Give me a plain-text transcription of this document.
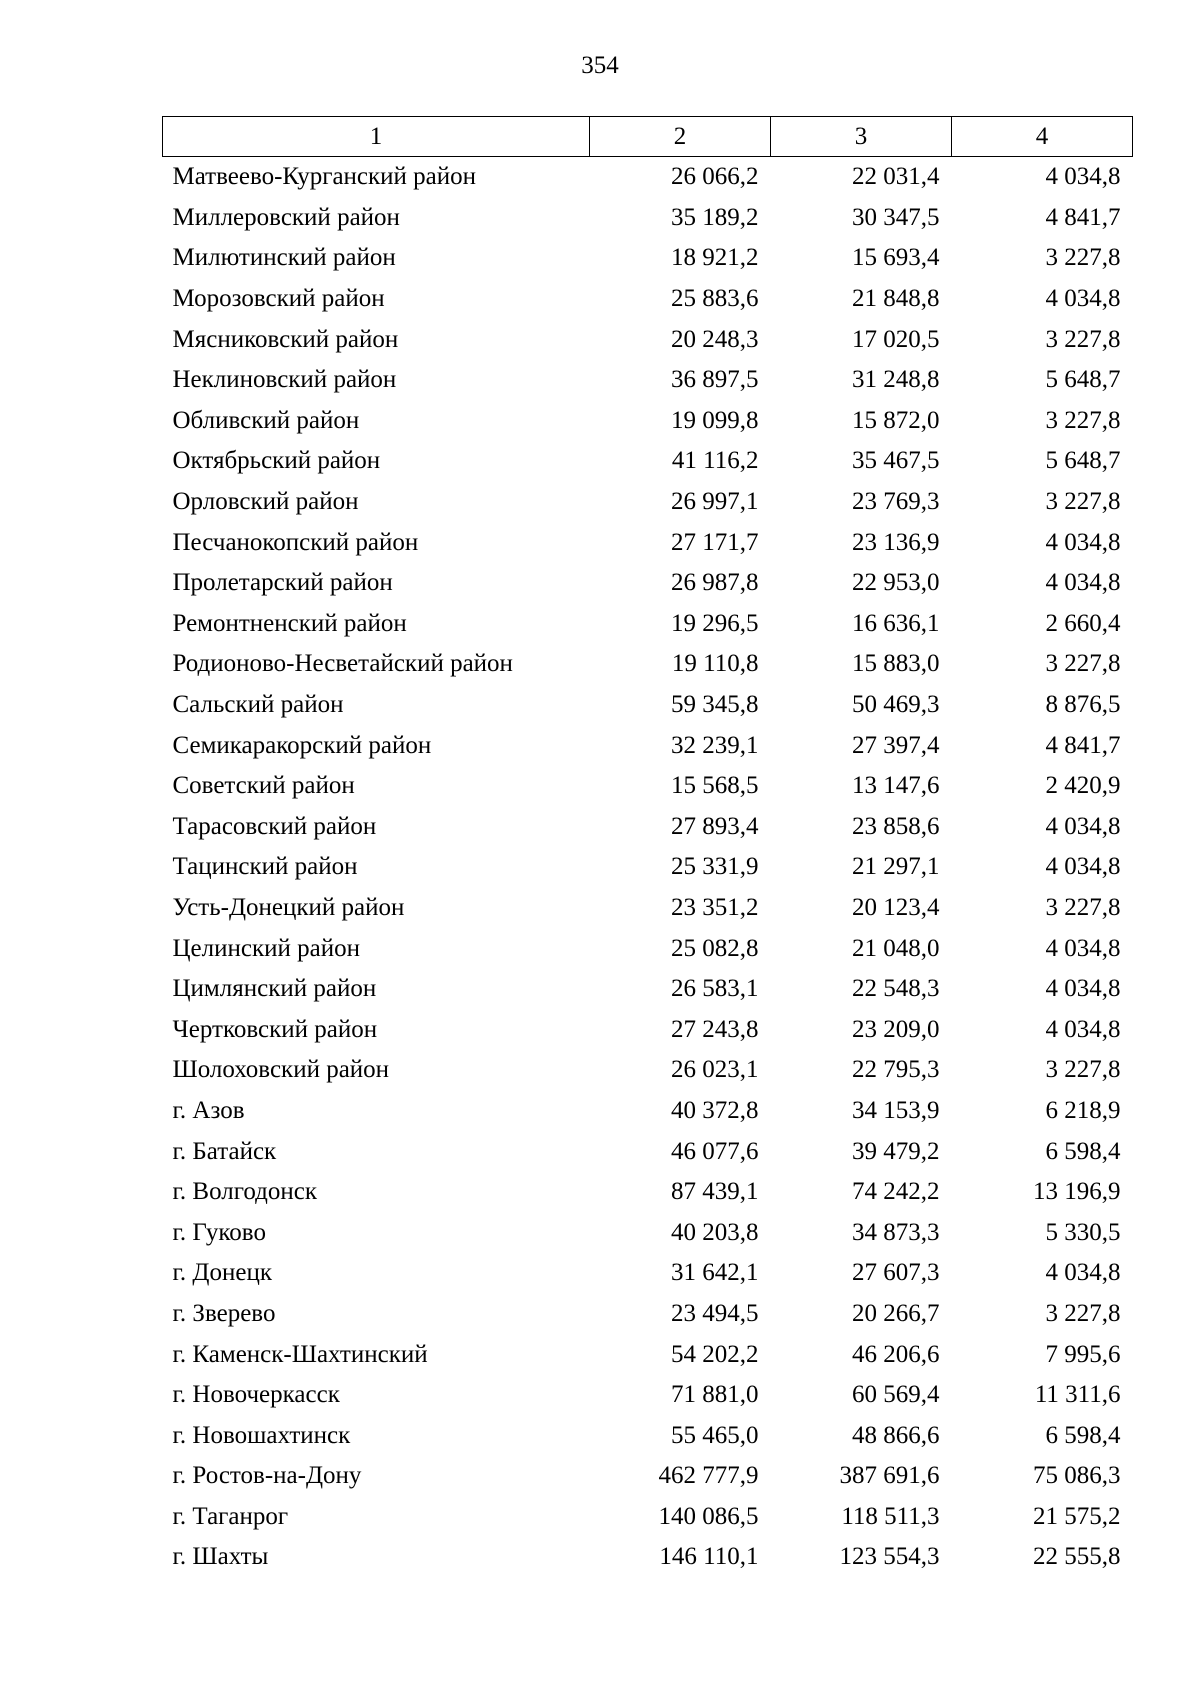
354
1	2	3	4
Матвеево-Курганский район	26 066,2	22 031,4	4 034,8
Миллеровский район	35 189,2	30 347,5	4 841,7
Милютинский район	18 921,2	15 693,4	3 227,8
Морозовский район	25 883,6	21 848,8	4 034,8
Мясниковский район	20 248,3	17 020,5	3 227,8
Неклиновский район	36 897,5	31 248,8	5 648,7
Обливский район	19 099,8	15 872,0	3 227,8
Октябрьский район	41 116,2	35 467,5	5 648,7
Орловский район	26 997,1	23 769,3	3 227,8
Песчанокопский район	27 171,7	23 136,9	4 034,8
Пролетарский район	26 987,8	22 953,0	4 034,8
Ремонтненский район	19 296,5	16 636,1	2 660,4
Родионово-Несветайский район	19 110,8	15 883,0	3 227,8
Сальский район	59 345,8	50 469,3	8 876,5
Семикаракорский район	32 239,1	27 397,4	4 841,7
Советский район	15 568,5	13 147,6	2 420,9
Тарасовский район	27 893,4	23 858,6	4 034,8
Тацинский район	25 331,9	21 297,1	4 034,8
Усть-Донецкий район	23 351,2	20 123,4	3 227,8
Целинский район	25 082,8	21 048,0	4 034,8
Цимлянский район	26 583,1	22 548,3	4 034,8
Чертковский район	27 243,8	23 209,0	4 034,8
Шолоховский район	26 023,1	22 795,3	3 227,8
г. Азов	40 372,8	34 153,9	6 218,9
г. Батайск	46 077,6	39 479,2	6 598,4
г. Волгодонск	87 439,1	74 242,2	13 196,9
г. Гуково	40 203,8	34 873,3	5 330,5
г. Донецк	31 642,1	27 607,3	4 034,8
г. Зверево	23 494,5	20 266,7	3 227,8
г. Каменск-Шахтинский	54 202,2	46 206,6	7 995,6
г. Новочеркасск	71 881,0	60 569,4	11 311,6
г. Новошахтинск	55 465,0	48 866,6	6 598,4
г. Ростов-на-Дону	462 777,9	387 691,6	75 086,3
г. Таганрог	140 086,5	118 511,3	21 575,2
г. Шахты	146 110,1	123 554,3	22 555,8
